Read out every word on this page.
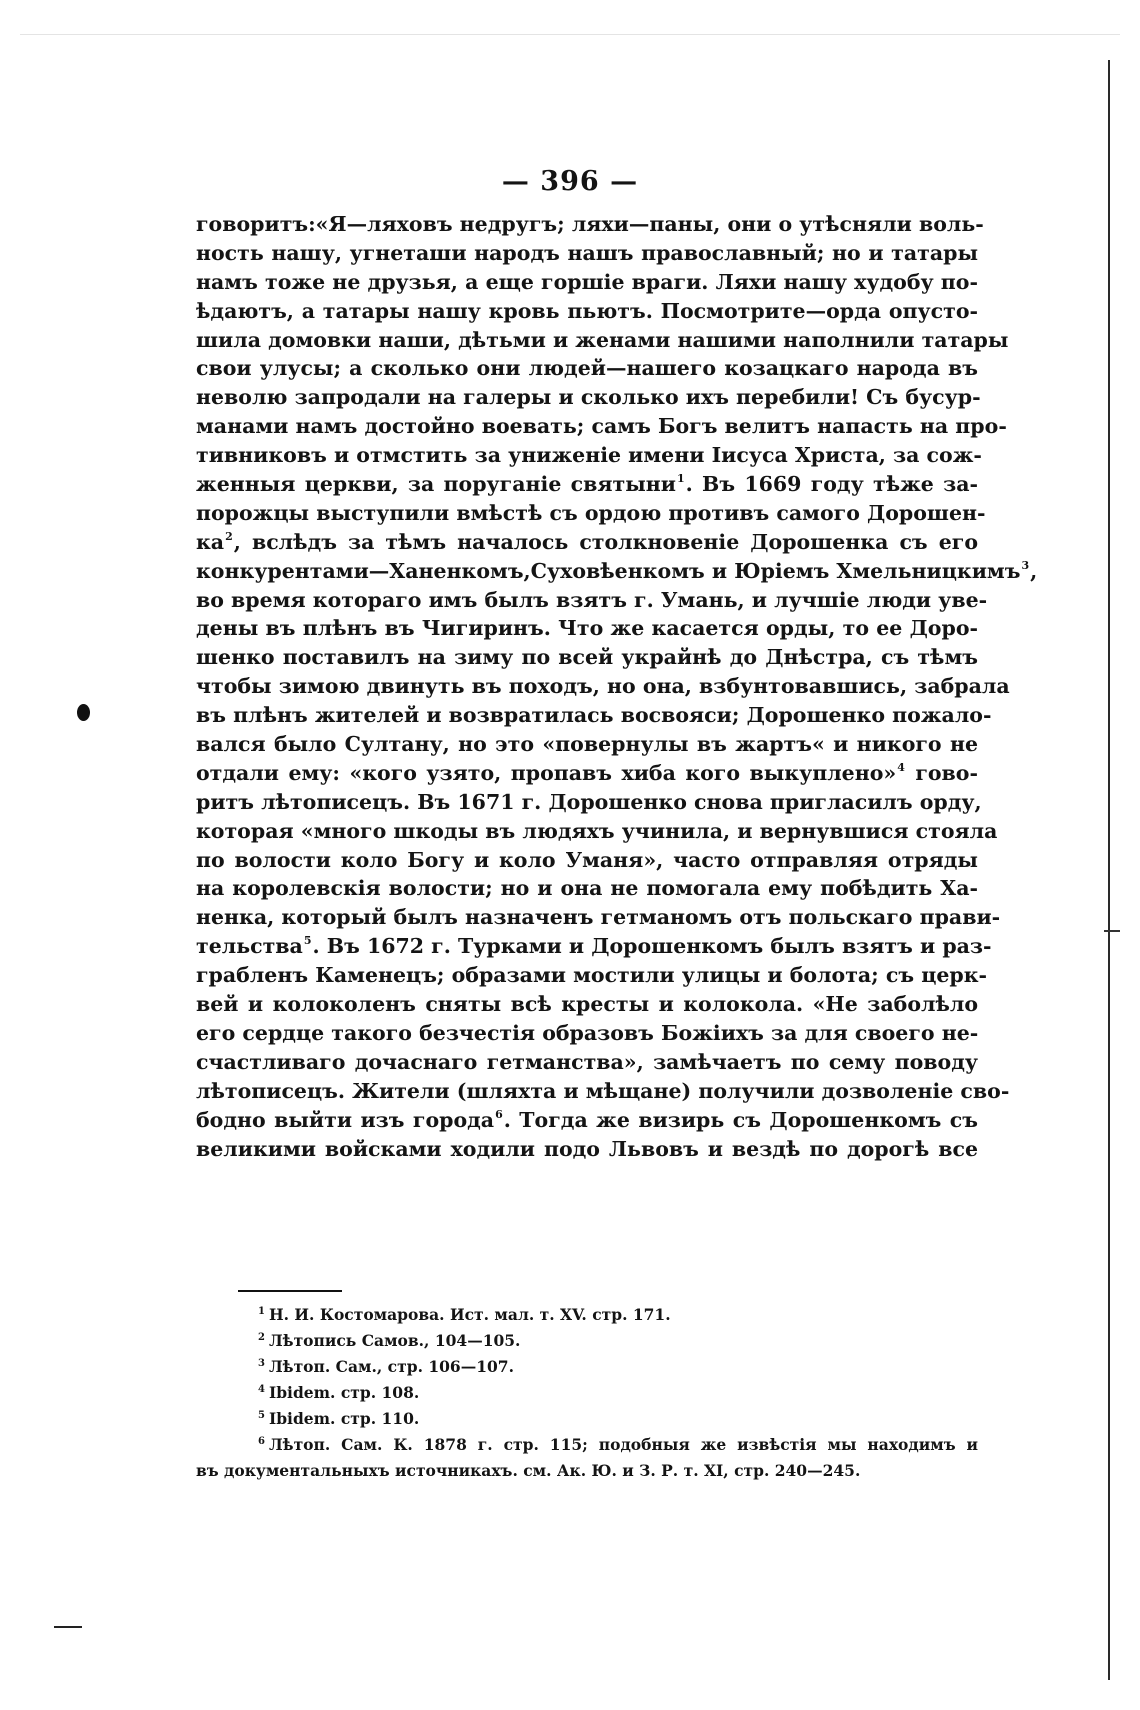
— 396 —
говоритъ:«Я—ляховъ недругъ; ляхи—паны, они о утѣсняли воль-
ность нашу, угнеташи народъ нашъ православный; но и татары
намъ тоже не друзья, а еще горшіе враги. Ляхи нашу худобу по-
ѣдаютъ, а татары нашу кровь пьютъ. Посмотрите—орда опусто-
шила домовки наши, дѣтьми и женами нашими наполнили татары
свои улусы; а сколько они людей—нашего козацкаго народа въ
неволю запродали на галеры и сколько ихъ перебили! Съ бусур-
манами намъ достойно воевать; самъ Богъ велитъ напасть на про-
тивниковъ и отмстить за униженіе имени Іисуса Христа, за сож-
женныя церкви, за поруганіе святыни$^1$. Въ 1669 году тѣже за-
порожцы выступили вмѣстѣ съ ордою противъ самого Дорошен-
ка$^2$, вслѣдъ за тѣмъ началось столкновеніе Дорошенка съ его
конкурентами—Ханенкомъ,Суховѣенкомъ и Юріемъ Хмельницкимъ$^3$,
во время котораго имъ былъ взятъ г. Умань, и лучшіе люди уве-
дены въ плѣнъ въ Чигиринъ. Что же касается орды, то ее Доро-
шенко поставилъ на зиму по всей украйнѣ до Днѣстра, съ тѣмъ
чтобы зимою двинуть въ походъ, но она, взбунтовавшись, забрала
въ плѣнъ жителей и возвратилась восвояси; Дорошенко пожало-
вался было Султану, но это «повернулы въ жартъ« и никого не
отдали ему: «кого узято, пропавъ хиба кого выкуплено»$^4$ гово-
ритъ лѣтописецъ. Въ 1671 г. Дорошенко снова пригласилъ орду,
которая «много шкоды въ людяхъ учинила, и вернувшися стояла
по волости коло Богу и коло Уманя», часто отправляя отряды
на королевскія волости; но и она не помогала ему побѣдить Ха-
ненка, который былъ назначенъ гетманомъ отъ польскаго прави-
тельства$^5$. Въ 1672 г. Турками и Дорошенкомъ былъ взятъ и раз-
грабленъ Каменецъ; образами мостили улицы и болота; съ церк-
вей и колоколенъ сняты всѣ кресты и колокола. «Не заболѣло
его сердце такого безчестія образовъ Божіихъ за для своего не-
счастливаго дочаснаго гетманства», замѣчаетъ по сему поводу
лѣтописецъ. Жители (шляхта и мѣщане) получили дозволеніе сво-
бодно выйти изъ города$^6$. Тогда же визирь съ Дорошенкомъ съ
великими войсками ходили подо Львовъ и вездѣ по дорогѣ все
$^1$ Н. И. Костомарова. Ист. мал. т. XV. стр. 171.
$^2$ Лѣтопись Самов., 104—105.
$^3$ Лѣтоп. Сам., стр. 106—107.
$^4$ Ibidem. стр. 108.
$^5$ Ibidem. стр. 110.
$^6$ Лѣтоп. Сам. К. 1878 г. стр. 115; подобныя же извѣстія мы находимъ и
въ документальныхъ источникахъ. см. Ак. Ю. и З. Р. т. XI, стр. 240—245.
